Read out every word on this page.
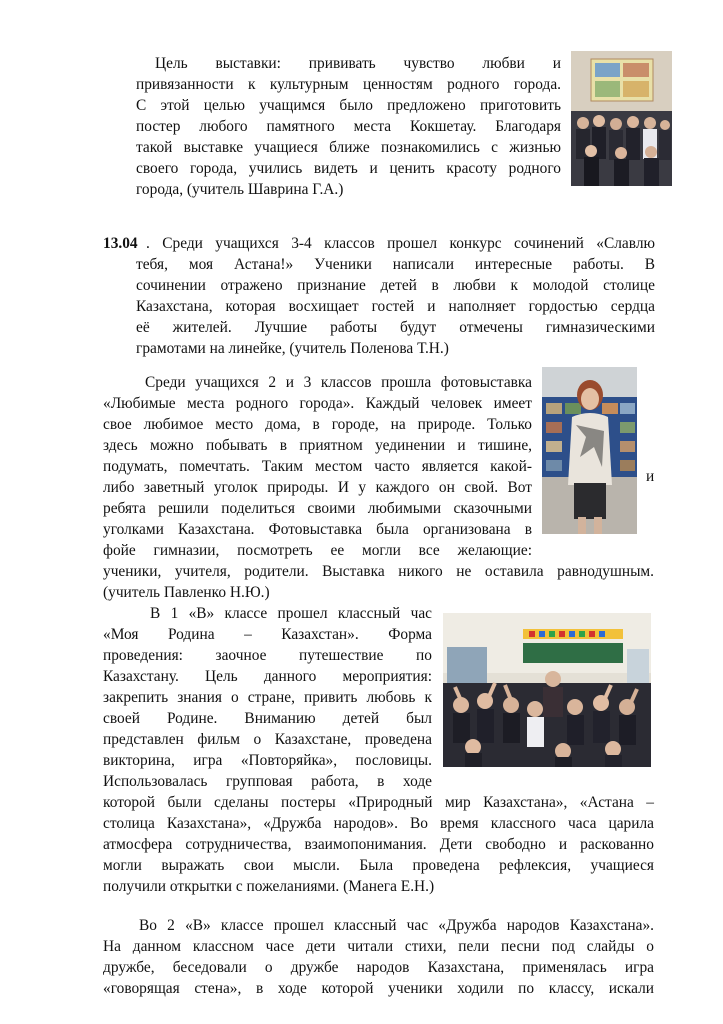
Цель выставки: прививать чувство любви и
привязанности к культурным ценностям родного города.
С этой целью учащимся было предложено приготовить
постер любого памятного места Кокшетау. Благодаря
такой выставке учащиеся ближе познакомились с жизнью
своего города, учились видеть и ценить красоту родного
города, (учитель Шаврина Г.А.)
13.04 . Среди учащихся 3-4 классов прошел конкурс сочинений «Славлю
тебя, моя Астана!» Ученики написали интересные работы. В
сочинении отражено признание детей в любви к молодой столице
Казахстана, которая восхищает гостей и наполняет гордостью сердца
её жителей. Лучшие работы будут отмечены гимназическими
грамотами на линейке, (учитель Поленова Т.Н.)
Среди учащихся 2 и 3 классов прошла фотовыставка
«Любимые места родного города». Каждый человек имеет
свое любимое место дома, в городе, на природе. Только
здесь можно побывать в приятном уединении и тишине,
подумать, помечтать. Таким местом часто является какой-
либо заветный уголок природы. И у каждого он свой. Вот
и
ребята решили поделиться своими любимыми сказочными
уголками Казахстана. Фотовыставка была организована в
фойе гимназии, посмотреть ее могли все желающие:
ученики, учителя, родители. Выставка никого не оставила равнодушным.
(учитель Павленко Н.Ю.)
В 1 «В» классе прошел классный час
«Моя Родина – Казахстан». Форма
проведения: заочное путешествие по
Казахстану. Цель данного мероприятия:
закрепить знания о стране, привить любовь к
своей Родине. Вниманию детей был
представлен фильм о Казахстане, проведена
викторина, игра «Повторяйка», пословицы.
Использовалась групповая работа, в ходе
которой были сделаны постеры «Природный мир Казахстана», «Астана –
столица Казахстана», «Дружба народов». Во время классного часа царила
атмосфера сотрудничества, взаимопонимания. Дети свободно и раскованно
могли выражать свои мысли. Была проведена рефлексия, учащиеся
получили открытки с пожеланиями. (Манега Е.Н.)
Во 2 «В» классе прошел классный час «Дружба народов Казахстана».
На данном классном часе дети читали стихи, пели песни под слайды о
дружбе, беседовали о дружбе народов Казахстана, применялась игра
«говорящая стена», в ходе которой ученики ходили по классу, искали
